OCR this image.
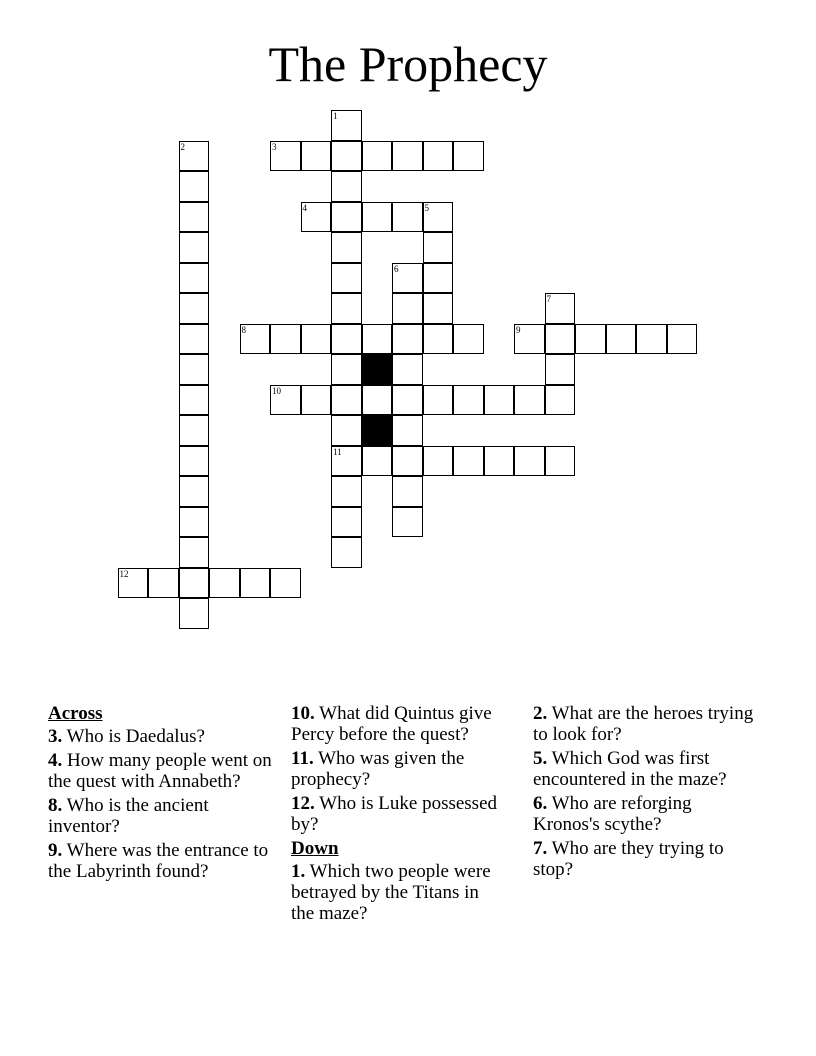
The Prophecy
1
11
2	3
4	5
6
7
8	9
10
12
Across
3. Who is Daedalus?
4. How many people went on the quest with Annabeth?
8. Who is the ancient inventor?
9. Where was the entrance to the Labyrinth found?
10. What did Quintus give Percy before the quest?
11. Who was given the prophecy?
12. Who is Luke possessed by?
Down
1. Which two people were betrayed by the Titans in the maze?
2. What are the heroes trying to look for?
5. Which God was first encountered in the maze?
6. Who are reforging Kronos's scythe?
7. Who are they trying to stop?
